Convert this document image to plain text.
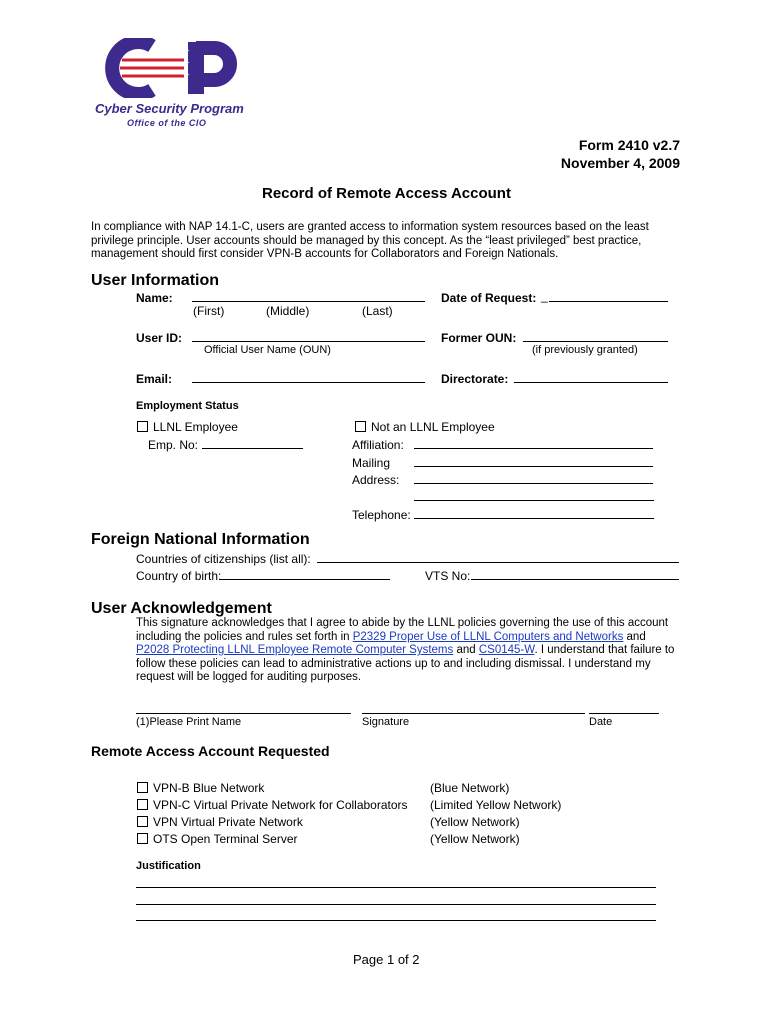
★
★
★
Cyber Security Program
Office of the CIO
Form 2410 v2.7
November 4, 2009
Record of Remote Access Account
In compliance with NAP 14.1-C, users are granted access to information system resources based on the least privilege principle. User accounts should be managed by this concept. As the “least privileged” best practice, management should first consider VPN-B accounts for Collaborators and Foreign Nationals.
User Information
Name:
(First)	(Middle)	(Last)
Date of Request: _
User ID:
Official User Name (OUN)
Former OUN:
(if previously granted)
Email:	Directorate:
Employment Status
LLNL Employee
Emp. No:
Not an LLNL Employee
Affiliation:
Mailing
Address:
Telephone:
Foreign National Information
Countries of citizenships (list all):
Country of birth:	VTS No:
User Acknowledgement
This signature acknowledges that I agree to abide by the LLNL policies governing the use of this account including the policies and rules set forth in P2329 Proper Use of LLNL Computers and Networks and P2028 Protecting LLNL Employee Remote Computer Systems and CS0145-W. I understand that failure to follow these policies can lead to administrative actions up to and including dismissal. I understand my request will be logged for auditing purposes.
(1)Please Print Name	Signature	Date
Remote Access Account Requested
VPN-B Blue Network	(Blue Network)
VPN-C Virtual Private Network for Collaborators (Limited Yellow Network)
VPN Virtual Private Network	(Yellow Network)
OTS Open Terminal Server	(Yellow Network)
Justification
Page 1 of 2
